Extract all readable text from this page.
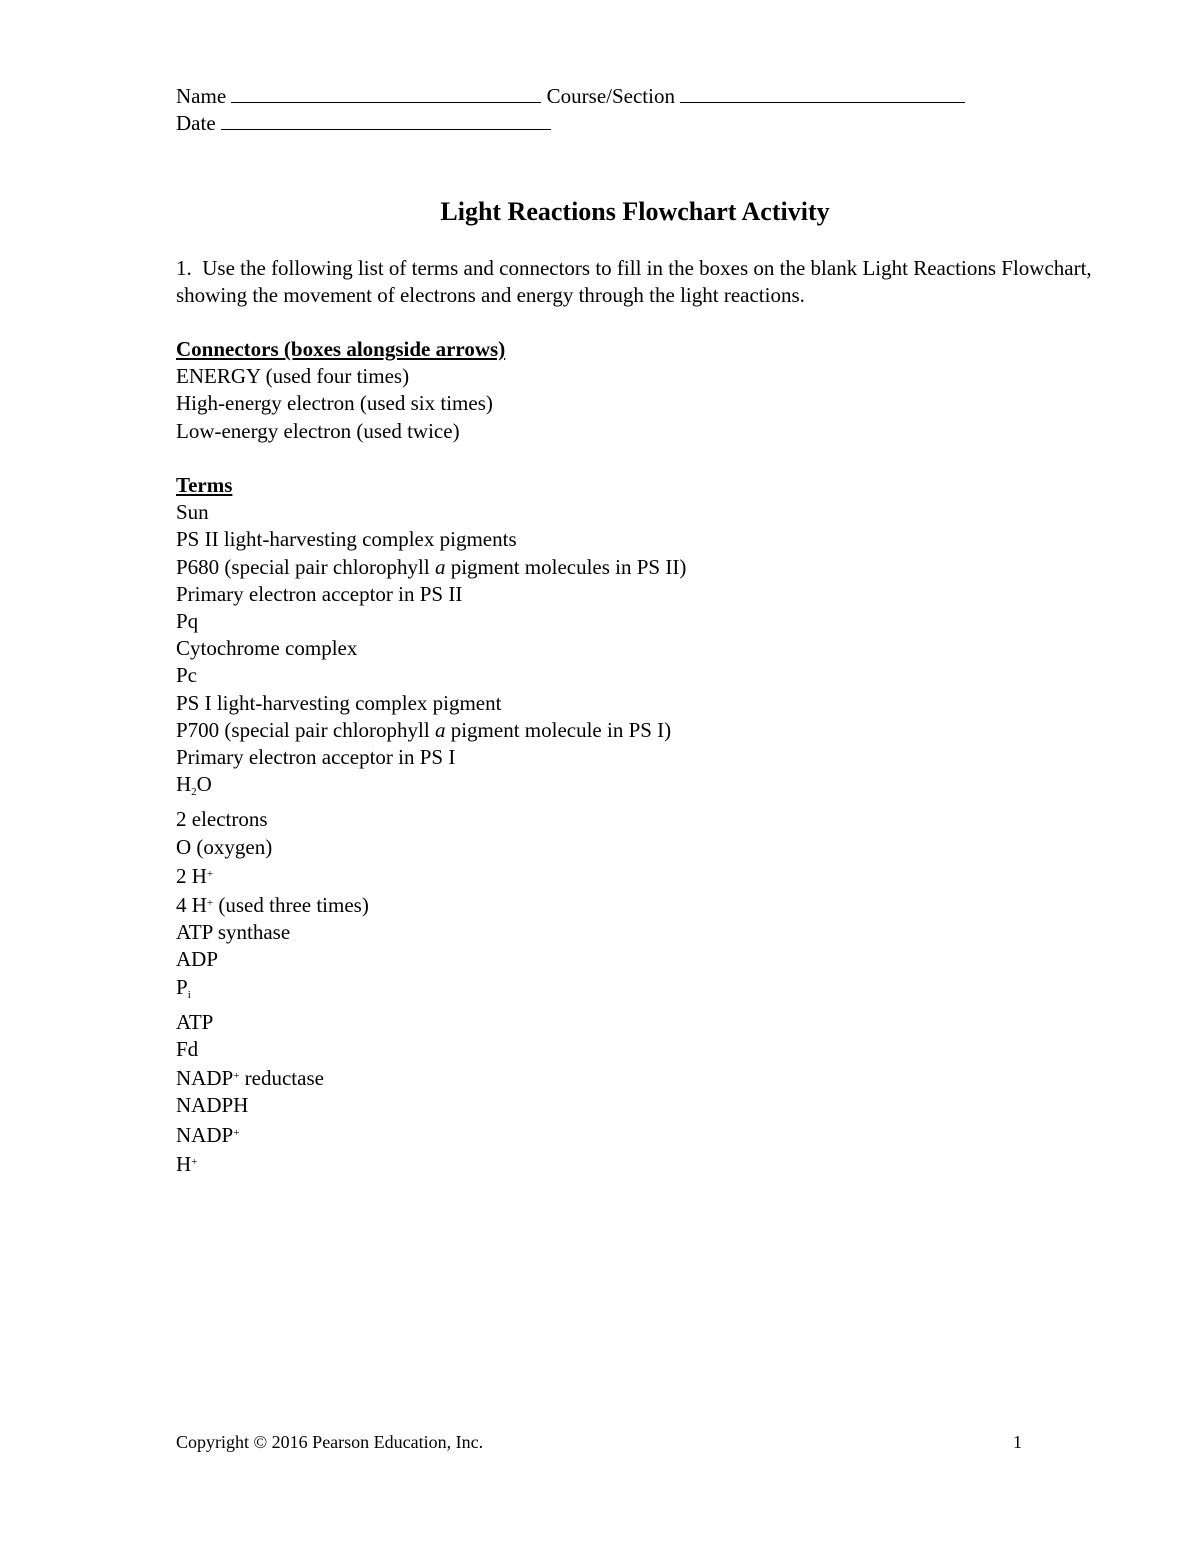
Name	Course/Section
Date
Light Reactions Flowchart Activity
1. Use the following list of terms and connectors to fill in the boxes on the blank Light Reactions Flowchart, showing the movement of electrons and energy through the light reactions.
Connectors (boxes alongside arrows)
ENERGY (used four times)
High-energy electron (used six times)
Low-energy electron (used twice)
Terms
Sun
PS II light-harvesting complex pigments
P680 (special pair chlorophyll a pigment molecules in PS II)
Primary electron acceptor in PS II
Pq
Cytochrome complex
Pc
PS I light-harvesting complex pigment
P700 (special pair chlorophyll a pigment molecule in PS I)
Primary electron acceptor in PS I
$H_2O$
2 electrons
O (oxygen)
2 H+
4 H+ (used three times)
ATP synthase
ADP
$P_i$
ATP
Fd
NADP+ reductase
NADPH
NADP+
H+
Copyright © 2016 Pearson Education, Inc.	1
